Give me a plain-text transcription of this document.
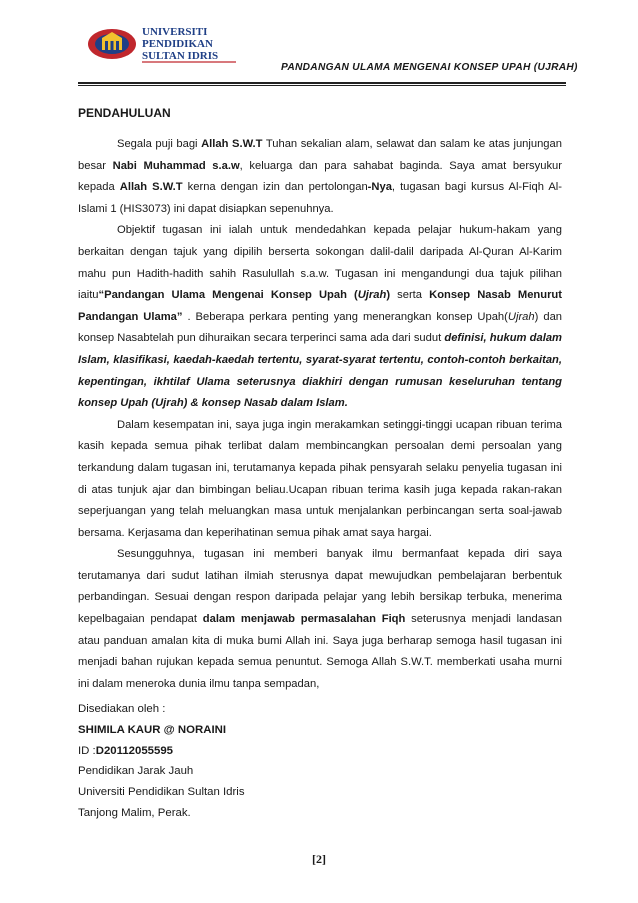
UNIVERSITI
PENDIDIKAN
SULTAN IDRIS
PANDANGAN ULAMA MENGENAI KONSEP UPAH (UJRAH)
PENDAHULUAN

Segala puji bagi Allah S.W.T Tuhan sekalian alam, selawat dan salam ke atas junjungan besar Nabi Muhammad s.a.w, keluarga dan para sahabat baginda. Saya amat bersyukur kepada Allah S.W.T kerna dengan izin dan pertolongan-Nya, tugasan bagi kursus Al-Fiqh Al-Islami 1 (HIS3073) ini dapat disiapkan sepenuhnya.

Objektif tugasan ini ialah untuk mendedahkan kepada pelajar hukum-hakam yang berkaitan dengan tajuk yang dipilih berserta sokongan dalil-dalil daripada Al-Quran Al-Karim mahu pun Hadith-hadith sahih Rasulullah s.a.w. Tugasan ini mengandungi dua tajuk pilihan iaitu“Pandangan Ulama Mengenai Konsep Upah (Ujrah) serta Konsep Nasab Menurut Pandangan Ulama” . Beberapa perkara penting yang menerangkan konsep Upah(Ujrah) dan konsep Nasabtelah pun dihuraikan secara terperinci sama ada dari sudut definisi, hukum dalam Islam, klasifikasi, kaedah-kaedah tertentu, syarat-syarat tertentu, contoh-contoh berkaitan, kepentingan, ikhtilaf Ulama seterusnya diakhiri dengan rumusan keseluruhan tentang konsep Upah (Ujrah) & konsep Nasab dalam Islam.

Dalam kesempatan ini, saya juga ingin merakamkan setinggi-tinggi ucapan ribuan terima kasih kepada semua pihak terlibat dalam membincangkan persoalan demi persoalan yang terkandung dalam tugasan ini, terutamanya kepada pihak pensyarah selaku penyelia tugasan ini di atas tunjuk ajar dan bimbingan beliau.Ucapan ribuan terima kasih juga kepada rakan-rakan seperjuangan yang telah meluangkan masa untuk menjalankan perbincangan serta soal-jawab bersama. Kerjasama dan keperihatinan semua pihak amat saya hargai.

Sesungguhnya, tugasan ini memberi banyak ilmu bermanfaat kepada diri saya terutamanya dari sudut latihan ilmiah sterusnya dapat mewujudkan pembelajaran berbentuk perbandingan. Sesuai dengan respon daripada pelajar yang lebih bersikap terbuka, menerima kepelbagaian pendapat dalam menjawab permasalahan Fiqh seterusnya menjadi landasan atau panduan amalan kita di muka bumi Allah ini. Saya juga berharap semoga hasil tugasan ini menjadi bahan rujukan kepada semua penuntut. Semoga Allah S.W.T. memberkati usaha murni ini dalam meneroka dunia ilmu tanpa sempadan,

Disediakan oleh :
SHIMILA KAUR @ NORAINI
ID :D20112055595
Pendidikan Jarak Jauh
Universiti Pendidikan Sultan Idris
Tanjong Malim, Perak.
[2]
